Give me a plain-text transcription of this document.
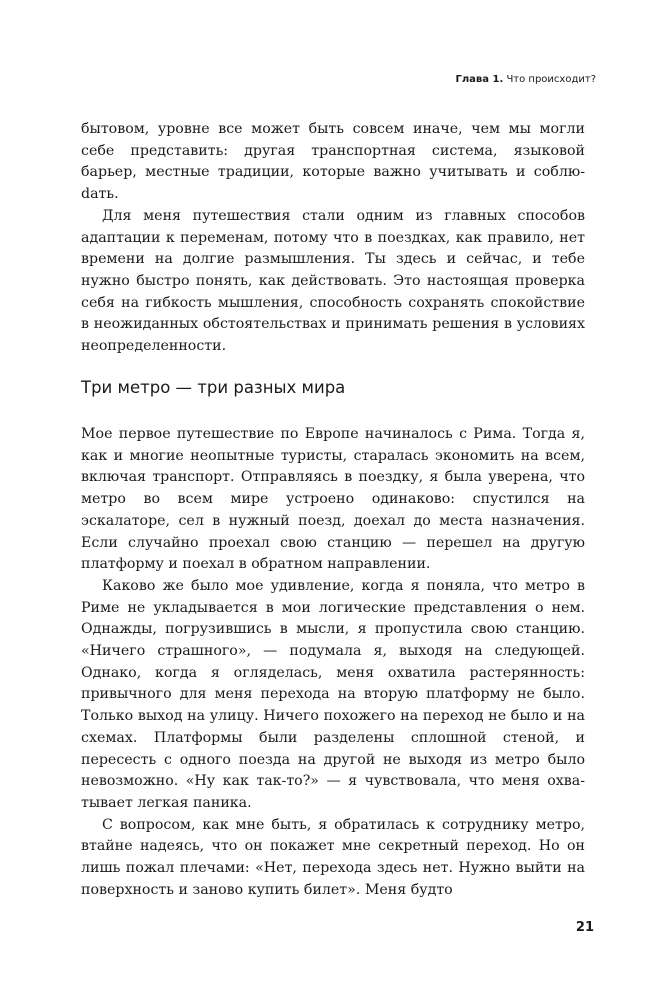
Глава 1. Что происходит?

бытовом, уровне все может быть совсем иначе, чем мы могли себе представить: другая транспортная система, языковой барьер, местные традиции, которые важно учитывать и соблюdать.

Для меня путешествия стали одним из главных способов адаптации к переменам, потому что в поездках, как правило, нет времени на долгие размышления. Ты здесь и сейчас, и тебе нужно быстро понять, как действовать. Это настоящая проверка себя на гибкость мышления, способность сохранять спокойствие в неожиданных обстоятельствах и принимать решения в условиях неопределенности.

Три метро — три разных мира

Мое первое путешествие по Европе начиналось с Рима. Тогда я, как и многие неопытные туристы, старалась экономить на всем, включая транспорт. Отправляясь в поездку, я была уверена, что метро во всем мире устроено одинаково: спустился на эскалаторе, сел в нужный поезд, доехал до места назначения. Если случайно проехал свою станцию — перешел на другую платформу и поехал в обратном направлении.

Каково же было мое удивление, когда я поняла, что метро в Риме не укладывается в мои логические представления о нем. Однажды, погрузившись в мысли, я пропустила свою станцию. «Ничего страшного», — подумала я, выходя на следующей. Однако, когда я огляделась, меня охватила растерянность: привычного для меня перехода на вторую платформу не было. Только выход на улицу. Ничего похожего на переход не было и на схемах. Платформы были разделены сплошной стеной, и пересесть с одного поезда на другой не выходя из метро было невозможно. «Ну как так-то?» — я чувствовала, что меня охватывает легкая паника.

С вопросом, как мне быть, я обратилась к сотруднику метро, втайне надеясь, что он покажет мне секретный переход. Но он лишь пожал плечами: «Нет, перехода здесь нет. Нужно выйти на поверхность и заново купить билет». Меня будто

21
